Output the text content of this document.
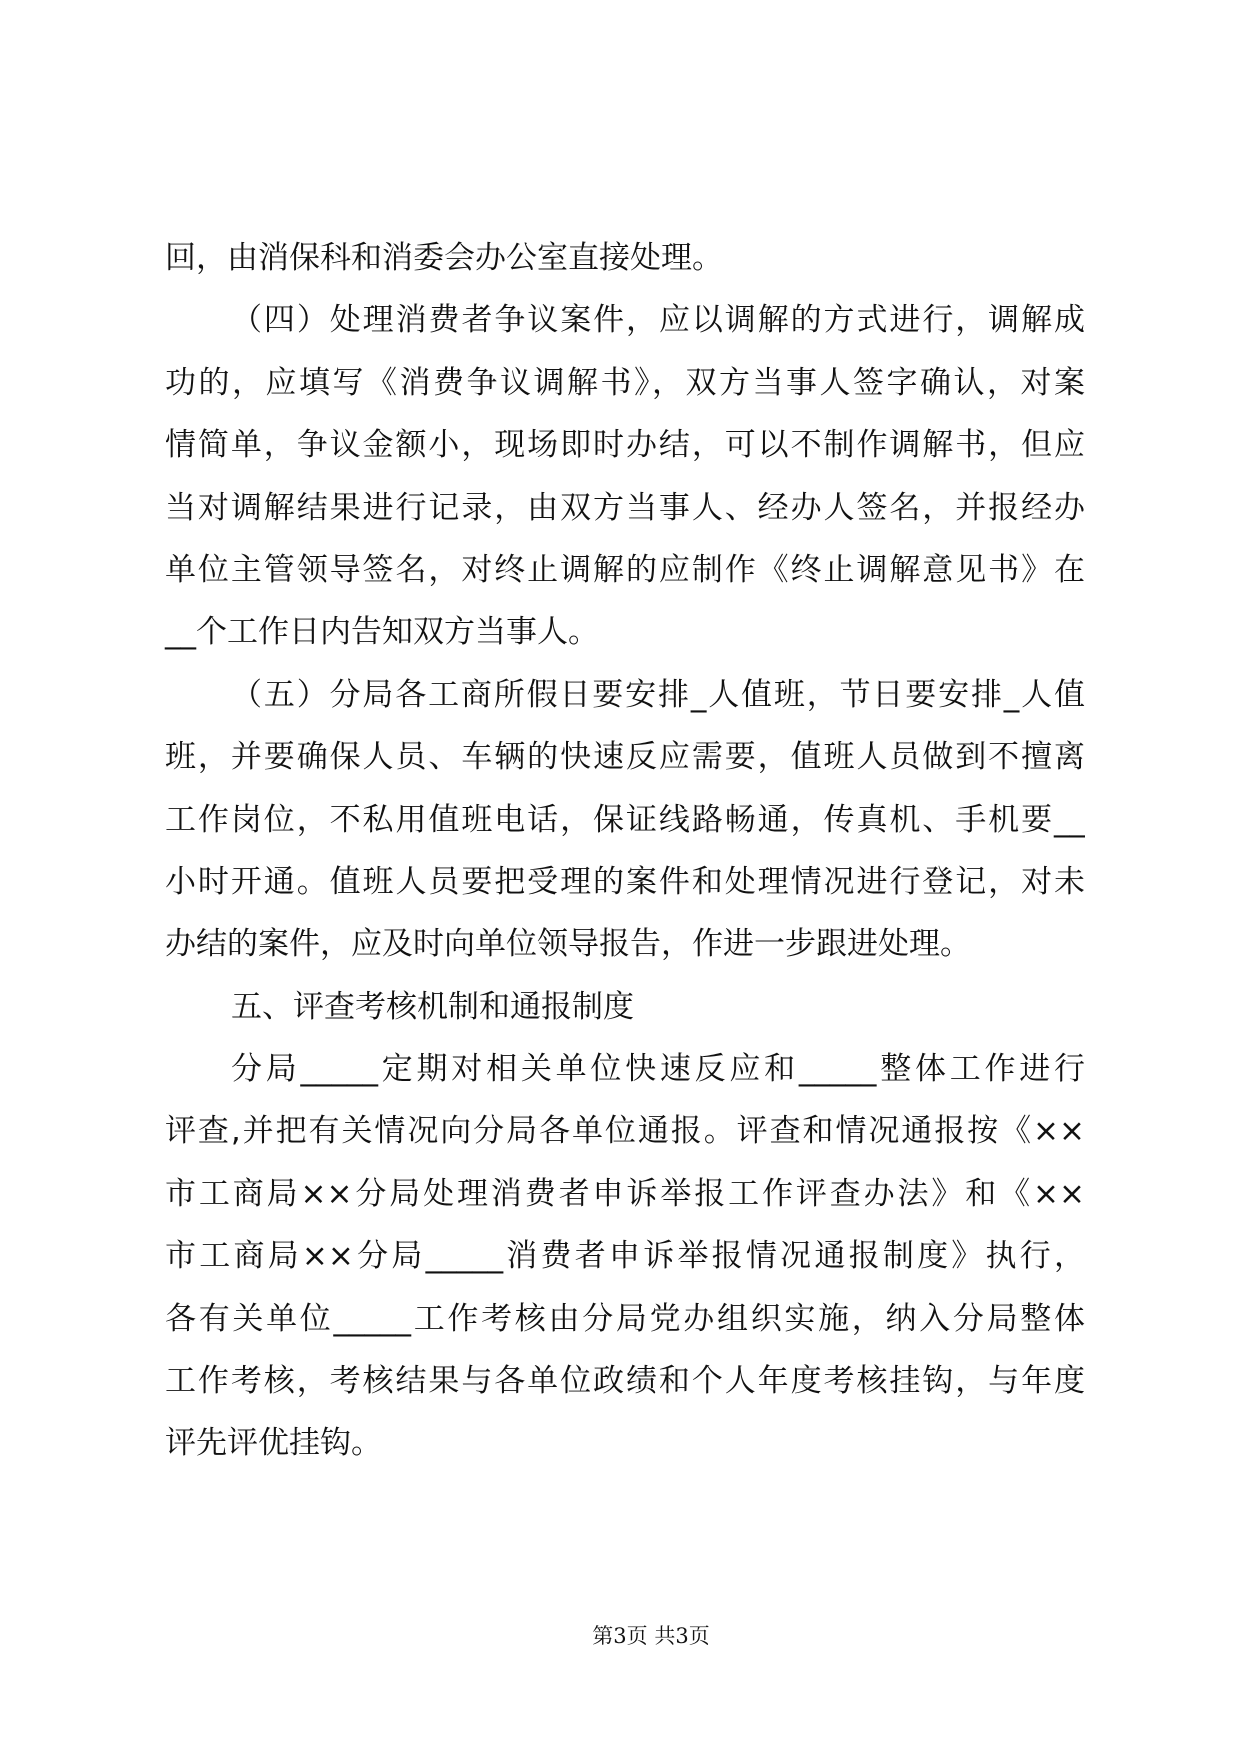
回，由消保科和消委会办公室直接处理。
（四）处理消费者争议案件，应以调解的方式进行，调解成
功的，应填写《消费争议调解书》，双方当事人签字确认，对案
情简单，争议金额小，现场即时办结，可以不制作调解书，但应
当对调解结果进行记录，由双方当事人、经办人签名，并报经办
单位主管领导签名，对终止调解的应制作《终止调解意见书》在
__个工作日内告知双方当事人。
（五）分局各工商所假日要安排_人值班，节日要安排_人值
班，并要确保人员、车辆的快速反应需要，值班人员做到不擅离
工作岗位，不私用值班电话，保证线路畅通，传真机、手机要__
小时开通。值班人员要把受理的案件和处理情况进行登记，对未
办结的案件，应及时向单位领导报告，作进一步跟进处理。
五、评查考核机制和通报制度
分局_____定期对相关单位快速反应和_____整体工作进行
评查,并把有关情况向分局各单位通报。评查和情况通报按《××
市工商局××分局处理消费者申诉举报工作评查办法》和《××
市工商局××分局_____消费者申诉举报情况通报制度》执行，
各有关单位_____工作考核由分局党办组织实施，纳入分局整体
工作考核，考核结果与各单位政绩和个人年度考核挂钩，与年度
评先评优挂钩。
第3页 共3页
